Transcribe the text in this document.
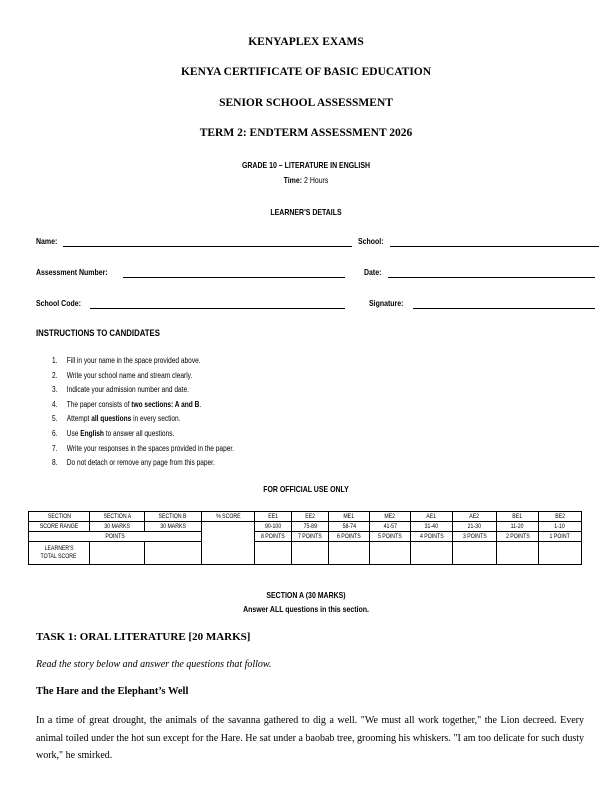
KENYAPLEX EXAMS
KENYA CERTIFICATE OF BASIC EDUCATION
SENIOR SCHOOL ASSESSMENT
TERM 2: ENDTERM ASSESSMENT 2026
GRADE 10 – LITERATURE IN ENGLISH
Time: 2 Hours
LEARNER'S DETAILS
Name:	School:
Assessment Number:	Date:
School Code:	Signature:
INSTRUCTIONS TO CANDIDATES
1. Fill in your name in the space provided above.
2. Write your school name and stream clearly.
3. Indicate your admission number and date.
4. The paper consists of two sections: A and B.
5. Attempt all questions in every section.
6. Use English to answer all questions.
7. Write your responses in the spaces provided in the paper.
8. Do not detach or remove any page from this paper.
FOR OFFICIAL USE ONLY
SECTION	SECTION A	SECTION B	% SCORE	EE1	EE2	ME1	ME2	AE1	AE2	BE1	BE2
SCORE RANGE	30 MARKS	30 MARKS		90-100	75-89	58-74	41-57	31-40	21-30	11-20	1-10
POINTS				8 POINTS	7 POINTS	6 POINTS	5 POINTS	4 POINTS	3 POINTS	2 POINTS	1 POINT
LEARNER'S
TOTAL SCORE											
SECTION A (30 MARKS)
Answer ALL questions in this section.
TASK 1: ORAL LITERATURE [20 MARKS]
Read the story below and answer the questions that follow.
The Hare and the Elephant’s Well
In a time of great drought, the animals of the savanna gathered to dig a well. "We must all work together," the Lion decreed. Every animal toiled under the hot sun except for the Hare. He sat under a baobab tree, grooming his whiskers. "I am too delicate for such dusty work," he smirked.
